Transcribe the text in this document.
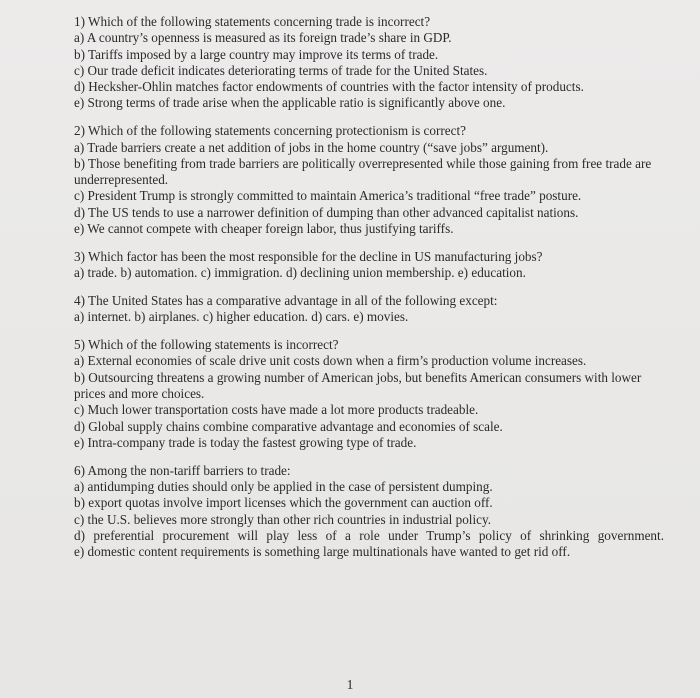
1) Which of the following statements concerning trade is incorrect?

a) A country’s openness is measured as its foreign trade’s share in GDP.

b) Tariffs imposed by a large country may improve its terms of trade.

c) Our trade deficit indicates deteriorating terms of trade for the United States.

d) Hecksher-Ohlin matches factor endowments of countries with the factor intensity of products.

e) Strong terms of trade arise when the applicable ratio is significantly above one.

2) Which of the following statements concerning protectionism is correct?

a) Trade barriers create a net addition of jobs in the home country (“save jobs” argument).

b) Those benefiting from trade barriers are politically overrepresented while those gaining from free trade are underrepresented.

c) President Trump is strongly committed to maintain America’s traditional “free trade” posture.

d) The US tends to use a narrower definition of dumping than other advanced capitalist nations.

e) We cannot compete with cheaper foreign labor, thus justifying tariffs.

3) Which factor has been the most responsible for the decline in US manufacturing jobs?

a) trade. b) automation. c) immigration. d) declining union membership. e) education.

4) The United States has a comparative advantage in all of the following except:

a) internet. b) airplanes. c) higher education. d) cars. e) movies.

5) Which of the following statements is incorrect?

a) External economies of scale drive unit costs down when a firm’s production volume increases.

b) Outsourcing threatens a growing number of American jobs, but benefits American consumers with lower prices and more choices.

c) Much lower transportation costs have made a lot more products tradeable.

d) Global supply chains combine comparative advantage and economies of scale.

e) Intra-company trade is today the fastest growing type of trade.

6) Among the non-tariff barriers to trade:

a) antidumping duties should only be applied in the case of persistent dumping.

b) export quotas involve import licenses which the government can auction off.

c) the U.S. believes more strongly than other rich countries in industrial policy.

d) preferential procurement will play less of a role under Trump’s policy of shrinking government.

e) domestic content requirements is something large multinationals have wanted to get rid off.

1
